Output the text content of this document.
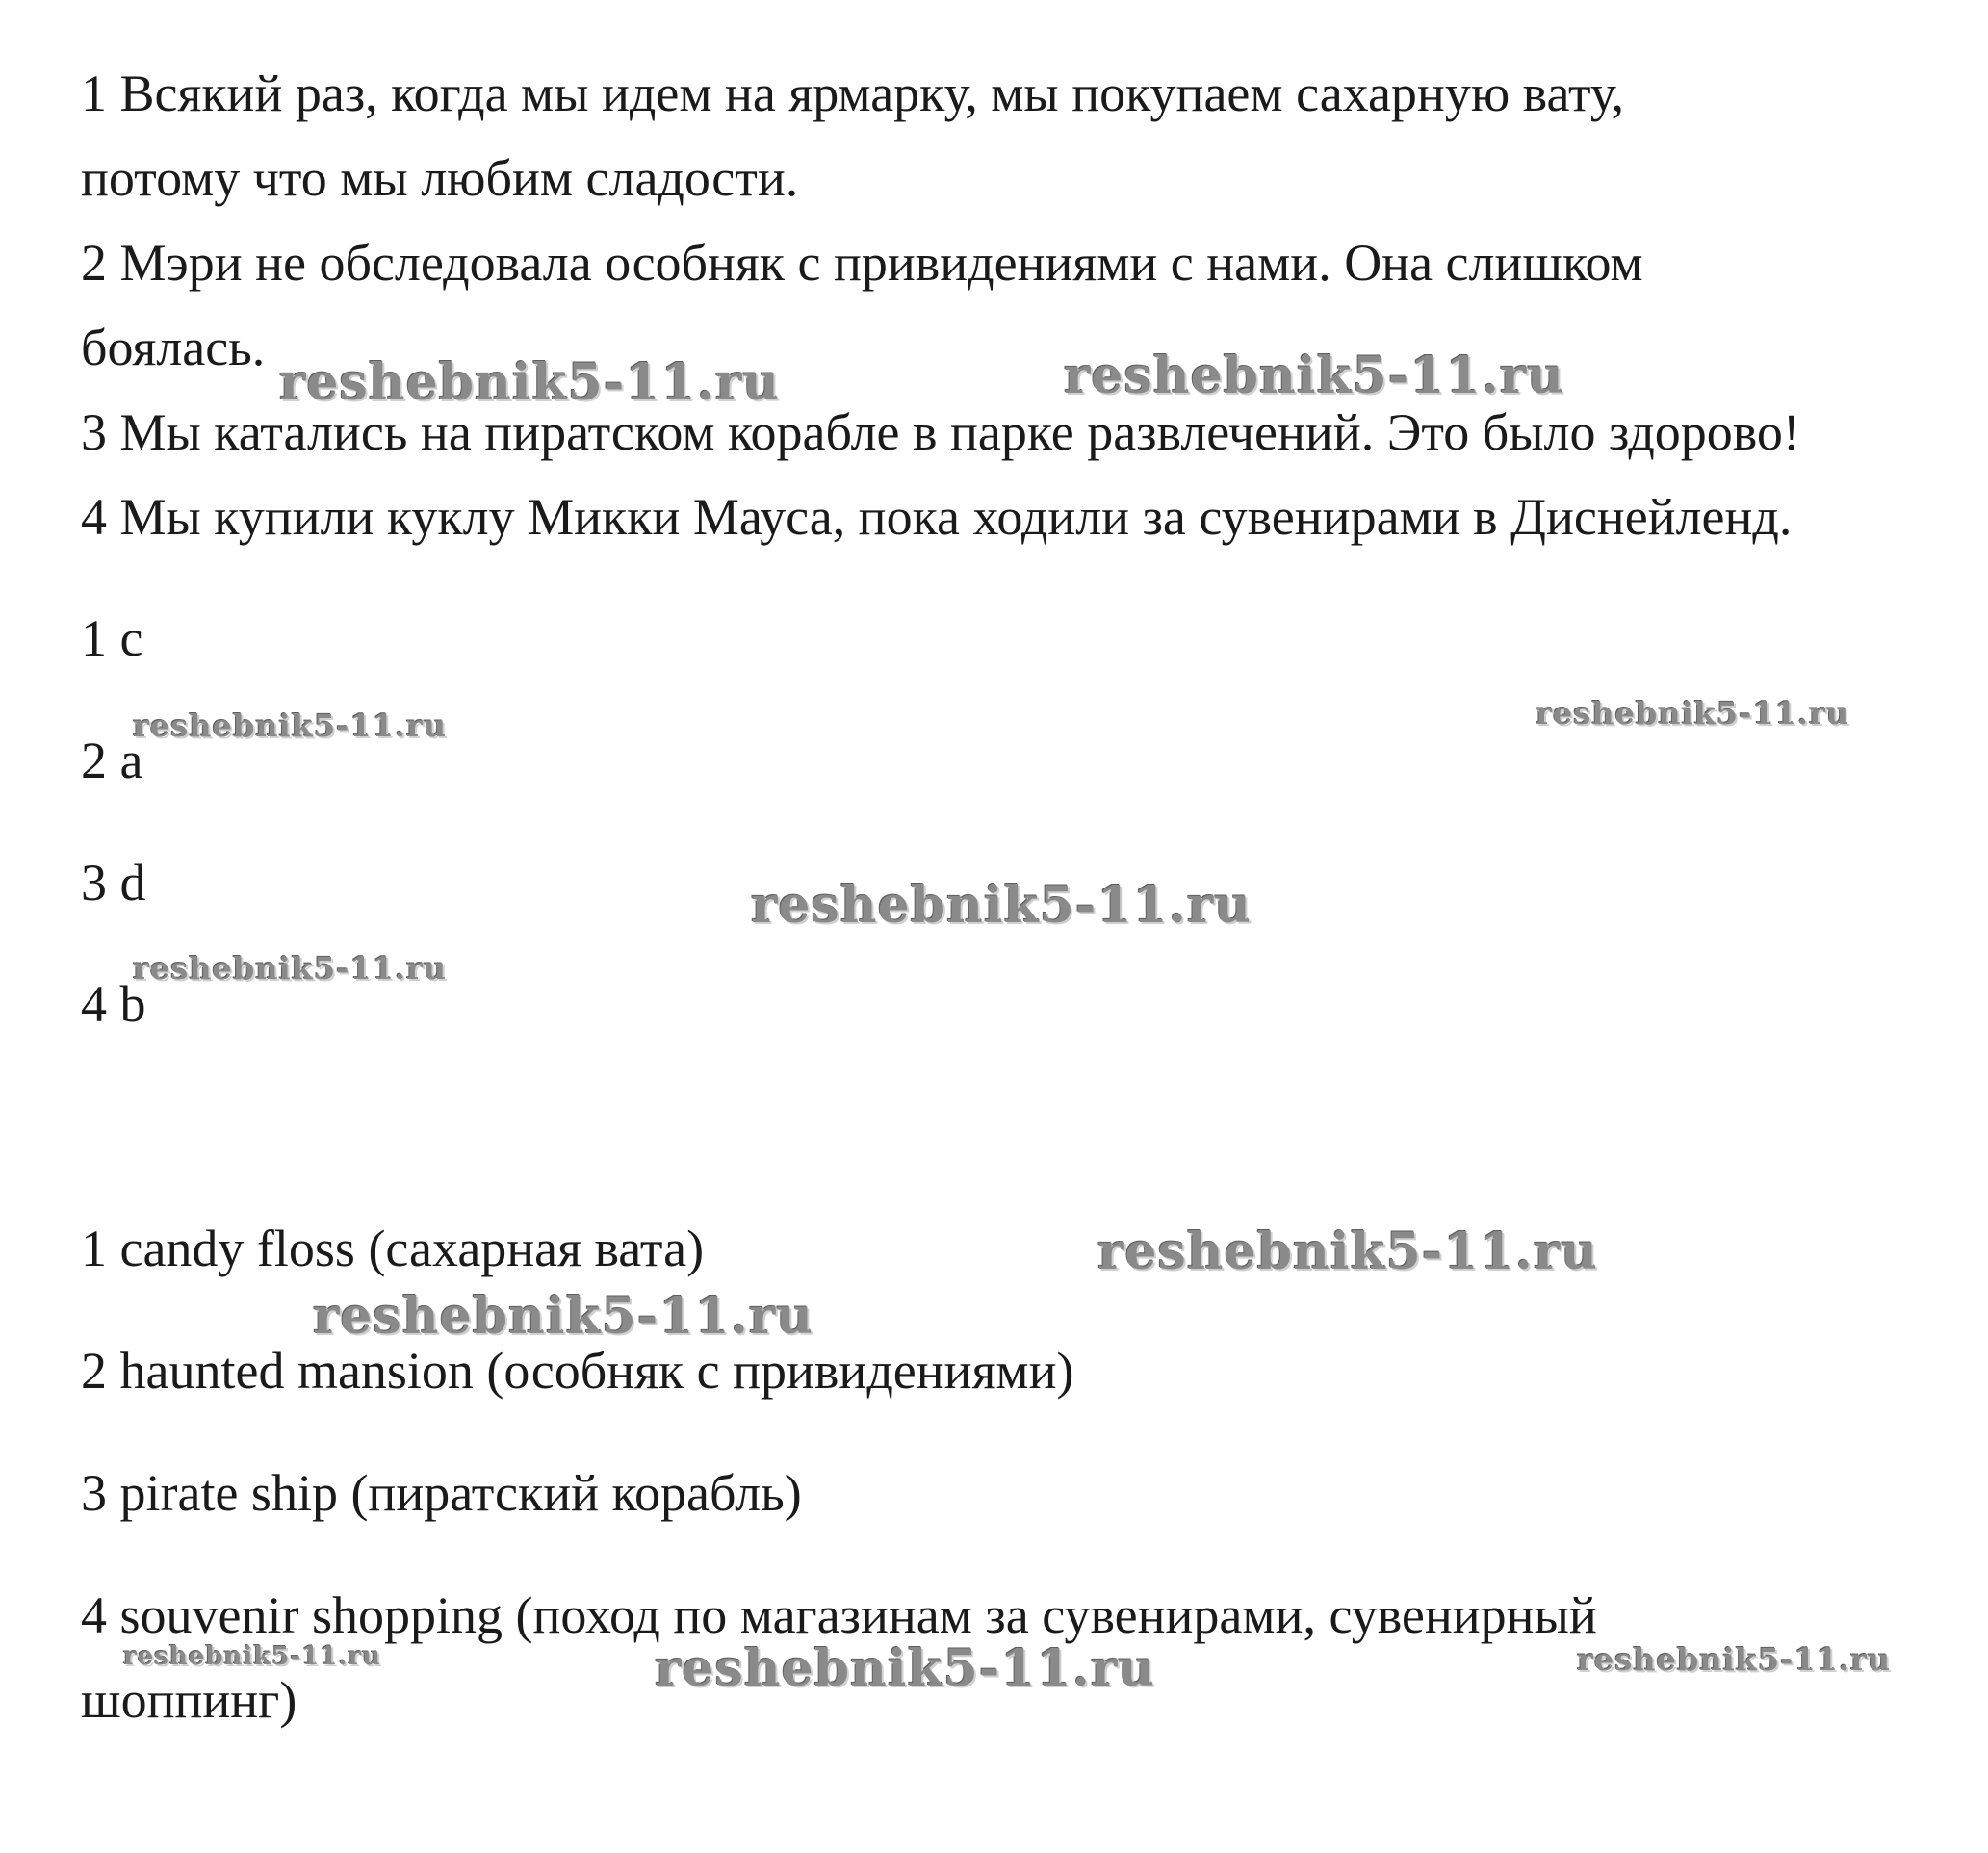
1 Всякий раз, когда мы идем на ярмарку, мы покупаем сахарную вату,

потому что мы любим сладости.

2 Мэри не обследовала особняк с привидениями с нами. Она слишком

боялась.

3 Мы катались на пиратском корабле в парке развлечений. Это было здорово!

4 Мы купили куклу Микки Мауса, пока ходили за сувенирами в Диснейленд.

1 c

2 a

3 d

4 b

1 candy floss (сахарная вата)

2 haunted mansion (особняк с привидениями)

3 pirate ship (пиратский корабль)

4 souvenir shopping (поход по магазинам за сувенирами, сувенирный

шоппинг)

reshebnik5-11.ru	reshebnik5-11.ru
reshebnik5-11.ru	reshebnik5-11.ru
reshebnik5-11.ru
reshebnik5-11.ru
reshebnik5-11.ru
reshebnik5-11.ru
reshebnik5-11.ru	reshebnik5-11.ru	reshebnik5-11.ru
